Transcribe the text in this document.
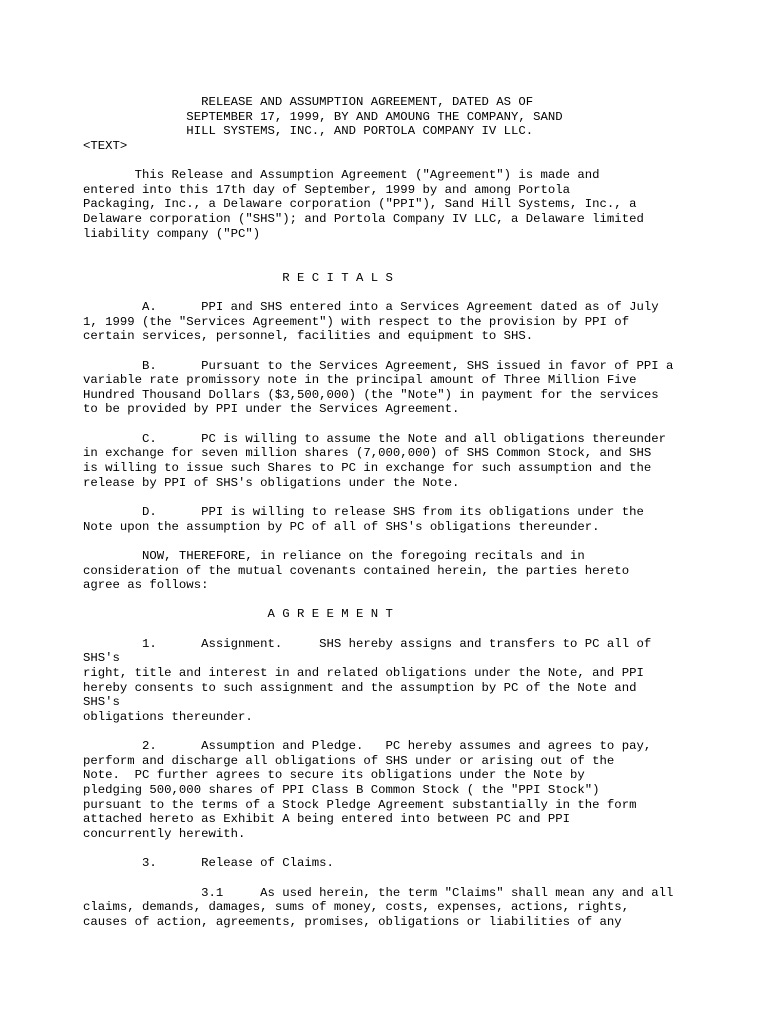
RELEASE AND ASSUMPTION AGREEMENT, DATED AS OF
SEPTEMBER 17, 1999, BY AND AMOUNG THE COMPANY, SAND
HILL SYSTEMS, INC., AND PORTOLA COMPANY IV LLC.
<TEXT>
This Release and Assumption Agreement ("Agreement") is made and
entered into this 17th day of September, 1999 by and among Portola
Packaging, Inc., a Delaware corporation ("PPI"), Sand Hill Systems, Inc., a
Delaware corporation ("SHS"); and Portola Company IV LLC, a Delaware limited
liability company ("PC")
R E C I T A L S
A.      PPI and SHS entered into a Services Agreement dated as of July
1, 1999 (the "Services Agreement") with respect to the provision by PPI of
certain services, personnel, facilities and equipment to SHS.
B.      Pursuant to the Services Agreement, SHS issued in favor of PPI a
variable rate promissory note in the principal amount of Three Million Five
Hundred Thousand Dollars ($3,500,000) (the "Note") in payment for the services
to be provided by PPI under the Services Agreement.
C.      PC is willing to assume the Note and all obligations thereunder
in exchange for seven million shares (7,000,000) of SHS Common Stock, and SHS
is willing to issue such Shares to PC in exchange for such assumption and the
release by PPI of SHS's obligations under the Note.
D.      PPI is willing to release SHS from its obligations under the
Note upon the assumption by PC of all of SHS's obligations thereunder.
NOW, THEREFORE, in reliance on the foregoing recitals and in
consideration of the mutual covenants contained herein, the parties hereto
agree as follows:
A G R E E M E N T
1.      Assignment.     SHS hereby assigns and transfers to PC all of
SHS's
right, title and interest in and related obligations under the Note, and PPI
hereby consents to such assignment and the assumption by PC of the Note and
SHS's
obligations thereunder.
2.      Assumption and Pledge.   PC hereby assumes and agrees to pay,
perform and discharge all obligations of SHS under or arising out of the
Note.  PC further agrees to secure its obligations under the Note by
pledging 500,000 shares of PPI Class B Common Stock ( the "PPI Stock")
pursuant to the terms of a Stock Pledge Agreement substantially in the form
attached hereto as Exhibit A being entered into between PC and PPI
concurrently herewith.
3.      Release of Claims.
3.1     As used herein, the term "Claims" shall mean any and all
claims, demands, damages, sums of money, costs, expenses, actions, rights,
causes of action, agreements, promises, obligations or liabilities of any
